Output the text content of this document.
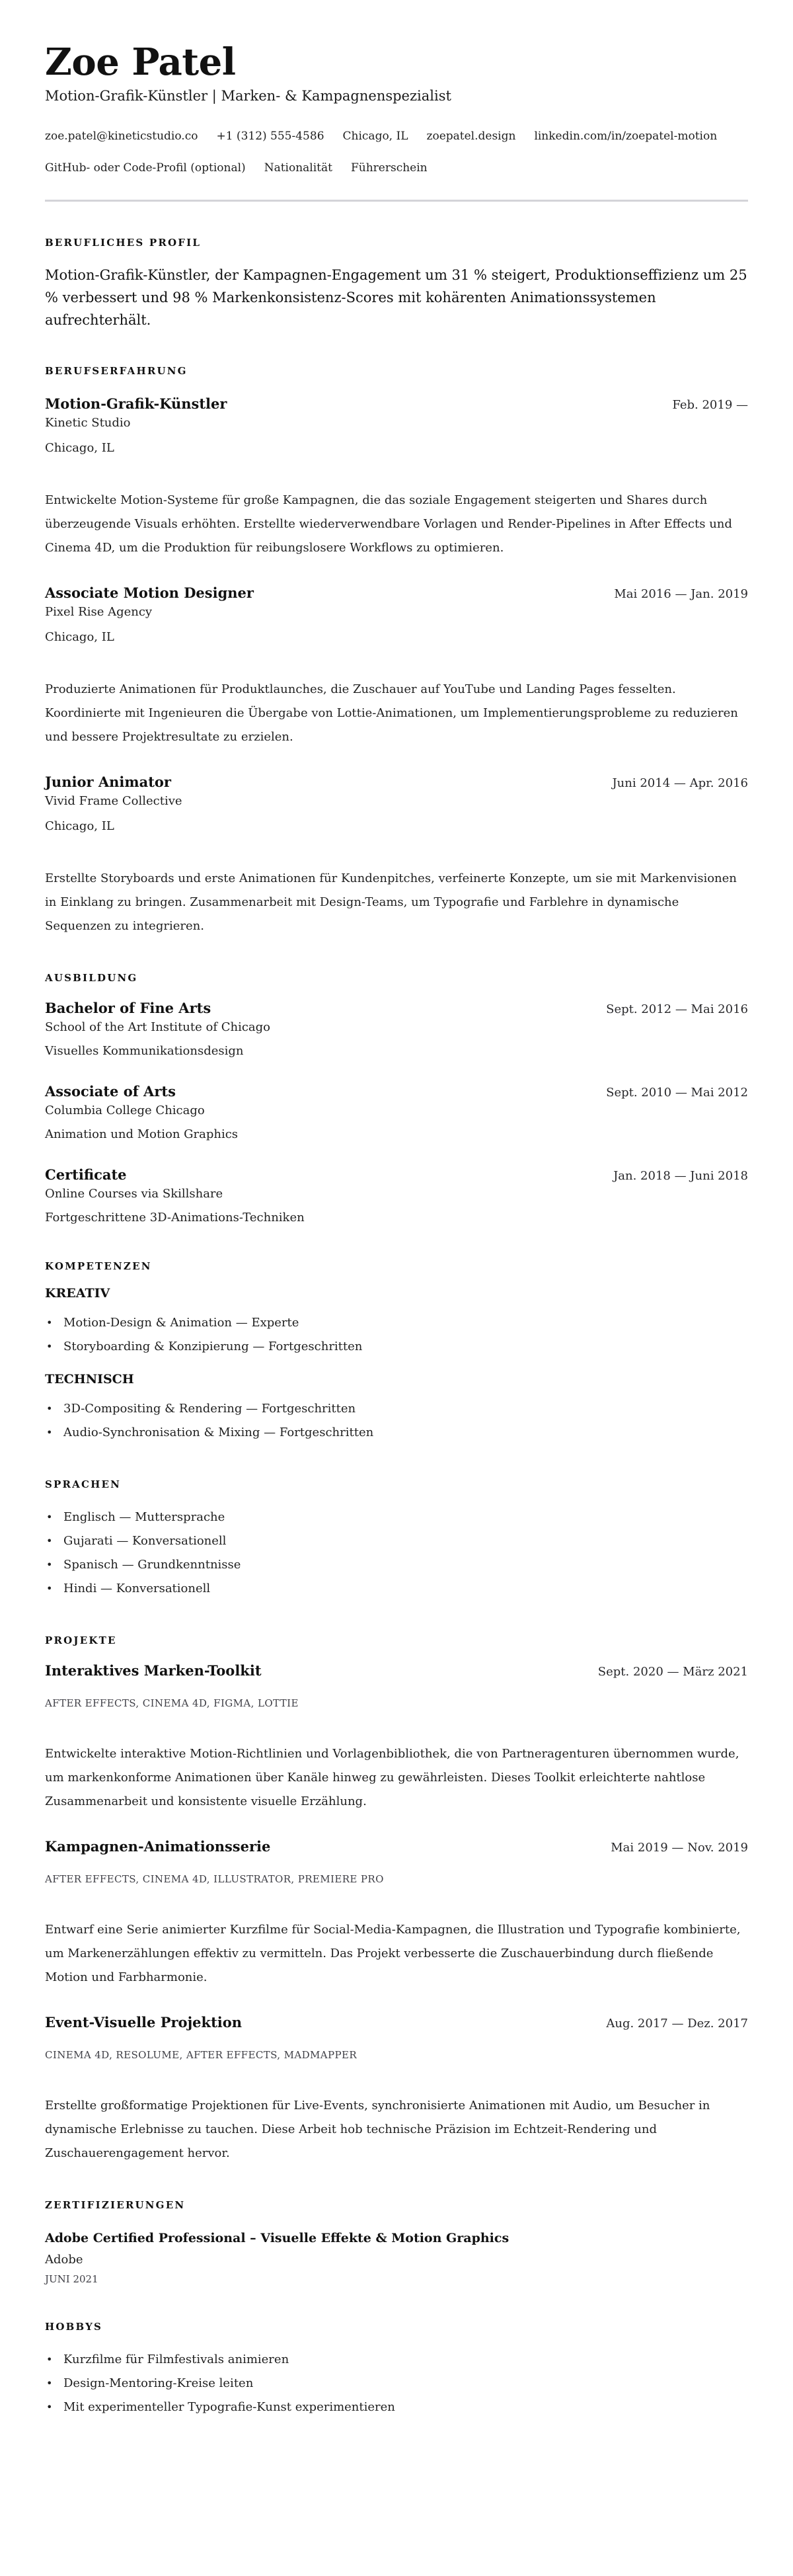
Zoe Patel
Motion-Grafik-Künstler | Marken- & Kampagnenspezialist
zoe.patel@kineticstudio.co +1 (312) 555-4586 Chicago, IL zoepatel.design linkedin.com/in/zoepatel-motion
GitHub- oder Code-Profil (optional) Nationalität Führerschein
BERUFLICHES PROFIL

Motion-Grafik-Künstler, der Kampagnen-Engagement um 31 % steigert, Produktionseffizienz um 25 % verbessert und 98 % Markenkonsistenz-Scores mit kohärenten Animationssystemen aufrechterhält.

BERUFSERFAHRUNG
Motion-Grafik-Künstler	Feb. 2019 —
Kinetic Studio
Chicago, IL

Entwickelte Motion-Systeme für große Kampagnen, die das soziale Engagement steigerten und Shares durch überzeugende Visuals erhöhten. Erstellte wiederverwendbare Vorlagen und Render-Pipelines in After Effects und Cinema 4D, um die Produktion für reibungslosere Workflows zu optimieren.

Associate Motion Designer	Mai 2016 — Jan. 2019
Pixel Rise Agency
Chicago, IL

Produzierte Animationen für Produktlaunches, die Zuschauer auf YouTube und Landing Pages fesselten. Koordinierte mit Ingenieuren die Übergabe von Lottie-Animationen, um Implementierungsprobleme zu reduzieren und bessere Projektresultate zu erzielen.

Junior Animator	Juni 2014 — Apr. 2016
Vivid Frame Collective
Chicago, IL

Erstellte Storyboards und erste Animationen für Kundenpitches, verfeinerte Konzepte, um sie mit Markenvisionen in Einklang zu bringen. Zusammenarbeit mit Design-Teams, um Typografie und Farblehre in dynamische Sequenzen zu integrieren.

AUSBILDUNG
Bachelor of Fine Arts	Sept. 2012 — Mai 2016
School of the Art Institute of Chicago
Visuelles Kommunikationsdesign
Associate of Arts	Sept. 2010 — Mai 2012
Columbia College Chicago
Animation und Motion Graphics
Certificate	Jan. 2018 — Juni 2018
Online Courses via Skillshare
Fortgeschrittene 3D-Animations-Techniken
KOMPETENZEN
KREATIV
• Motion-Design & Animation — Experte
• Storyboarding & Konzipierung — Fortgeschritten
TECHNISCH
• 3D-Compositing & Rendering — Fortgeschritten
• Audio-Synchronisation & Mixing — Fortgeschritten
SPRACHEN
• Englisch — Muttersprache
• Gujarati — Konversationell
• Spanisch — Grundkenntnisse
• Hindi — Konversationell
PROJEKTE
Interaktives Marken-Toolkit	Sept. 2020 — März 2021
AFTER EFFECTS, CINEMA 4D, FIGMA, LOTTIE

Entwickelte interaktive Motion-Richtlinien und Vorlagenbibliothek, die von Partneragenturen übernommen wurde, um markenkonforme Animationen über Kanäle hinweg zu gewährleisten. Dieses Toolkit erleichterte nahtlose Zusammenarbeit und konsistente visuelle Erzählung.

Kampagnen-Animationsserie	Mai 2019 — Nov. 2019
AFTER EFFECTS, CINEMA 4D, ILLUSTRATOR, PREMIERE PRO

Entwarf eine Serie animierter Kurzfilme für Social-Media-Kampagnen, die Illustration und Typografie kombinierte, um Markenerzählungen effektiv zu vermitteln. Das Projekt verbesserte die Zuschauerbindung durch fließende Motion und Farbharmonie.

Event-Visuelle Projektion	Aug. 2017 — Dez. 2017
CINEMA 4D, RESOLUME, AFTER EFFECTS, MADMAPPER

Erstellte großformatige Projektionen für Live-Events, synchronisierte Animationen mit Audio, um Besucher in dynamische Erlebnisse zu tauchen. Diese Arbeit hob technische Präzision im Echtzeit-Rendering und Zuschauerengagement hervor.

ZERTIFIZIERUNGEN
Adobe Certified Professional – Visuelle Effekte & Motion Graphics
Adobe
JUNI 2021
HOBBYS
• Kurzfilme für Filmfestivals animieren
• Design-Mentoring-Kreise leiten
• Mit experimenteller Typografie-Kunst experimentieren
